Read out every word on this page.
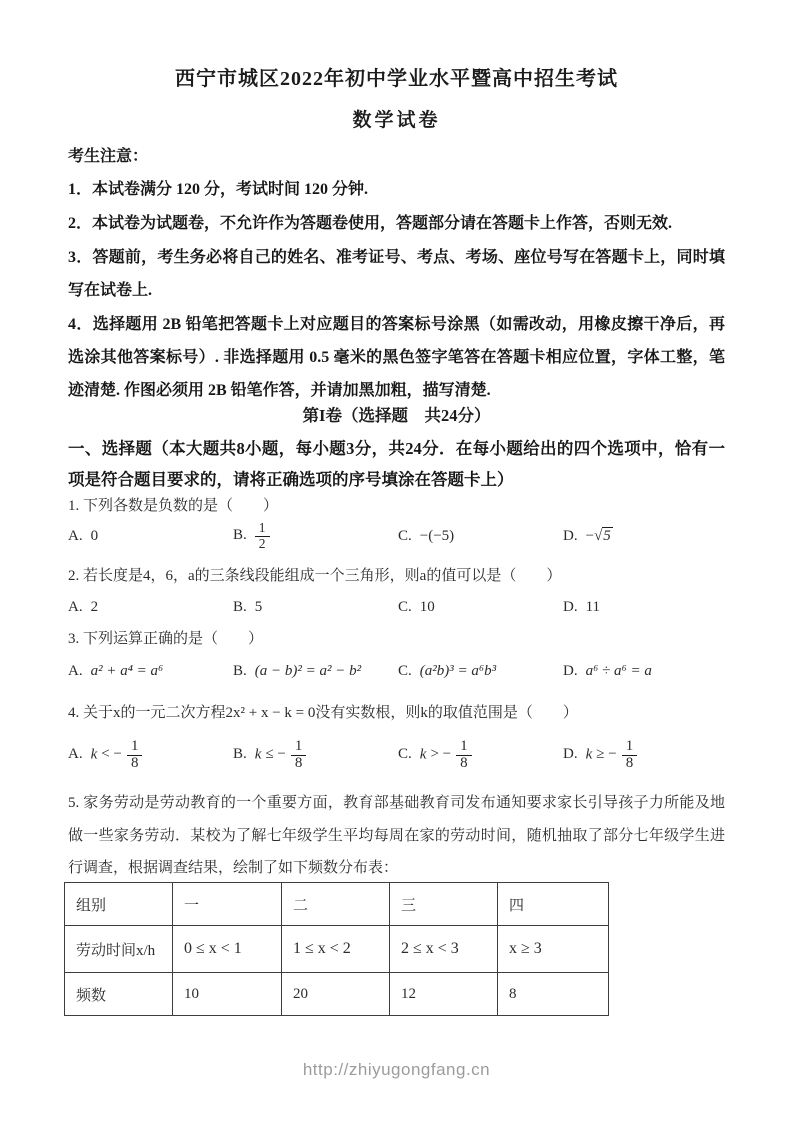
西宁市城区2022年初中学业水平暨高中招生考试
数学试卷
考生注意：
1．本试卷满分 120 分，考试时间 120 分钟.
2．本试卷为试题卷，不允许作为答题卷使用，答题部分请在答题卡上作答，否则无效.
3．答题前，考生务必将自己的姓名、准考证号、考点、考场、座位号写在答题卡上，同时填写在试卷上.
4．选择题用 2B 铅笔把答题卡上对应题目的答案标号涂黑（如需改动，用橡皮擦干净后，再选涂其他答案标号）. 非选择题用 0.5 毫米的黑色签字笔答在答题卡相应位置，字体工整，笔迹清楚. 作图必须用 2B 铅笔作答，并请加黑加粗，描写清楚.
第I卷（选择题　共24分）
一、选择题（本大题共8小题，每小题3分，共24分．在每小题给出的四个选项中，恰有一项是符合题目要求的，请将正确选项的序号填涂在答题卡上）
1. 下列各数是负数的是（　　）
A. 0	B. $\frac{1}{2}$	C. −(−5)	D. −√5
2. 若长度是4，6，a的三条线段能组成一个三角形，则a的值可以是（　　）
A. 2	B. 5	C. 10	D. 11
3. 下列运算正确的是（　　）
A. a² + a⁴ = a⁶	B. (a − b)² = a² − b²	C. (a²b)³ = a⁶b³	D. a⁶ ÷ a⁶ = a
4. 关于x的一元二次方程2x² + x − k = 0没有实数根，则k的取值范围是（　　）
A. k < − $\frac{1}{8}$	B. k ≤ − $\frac{1}{8}$	C. k > − $\frac{1}{8}$	D. k ≥ − $\frac{1}{8}$
5. 家务劳动是劳动教育的一个重要方面，教育部基础教育司发布通知要求家长引导孩子力所能及地做一些家务劳动．某校为了解七年级学生平均每周在家的劳动时间，随机抽取了部分七年级学生进行调查，根据调查结果，绘制了如下频数分布表：
组别	一	二	三	四
劳动时间x/h	0 ≤ x < 1	1 ≤ x < 2	2 ≤ x < 3	x ≥ 3
频数	10	20	12	8
http://zhiyugongfang.cn
